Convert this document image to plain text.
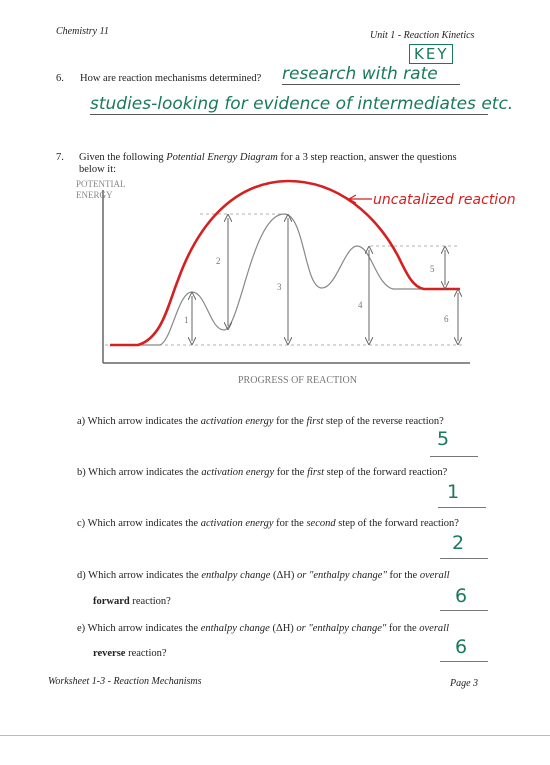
Chemistry 11	Unit 1 - Reaction Kinetics
KEY
6. How are reaction mechanisms determined? research with rate
studies-looking for evidence of intermediates etc.
7. Given the following Potential Energy Diagram for a 3 step reaction, answer the questions
below it:
POTENTIAL
ENERGY
PROGRESS OF REACTION
1
2
3
4
5
6
uncatalized reaction
a) Which arrow indicates the activation energy for the first step of the reverse reaction?
5
b) Which arrow indicates the activation energy for the first step of the forward reaction?
1
c) Which arrow indicates the activation energy for the second step of the forward reaction?
2
d) Which arrow indicates the enthalpy change (ΔH) or "enthalpy change" for the overall
forward reaction?	6
e) Which arrow indicates the enthalpy change (ΔH) or "enthalpy change" for the overall
reverse reaction?	6
Worksheet 1-3 - Reaction Mechanisms	Page 3
